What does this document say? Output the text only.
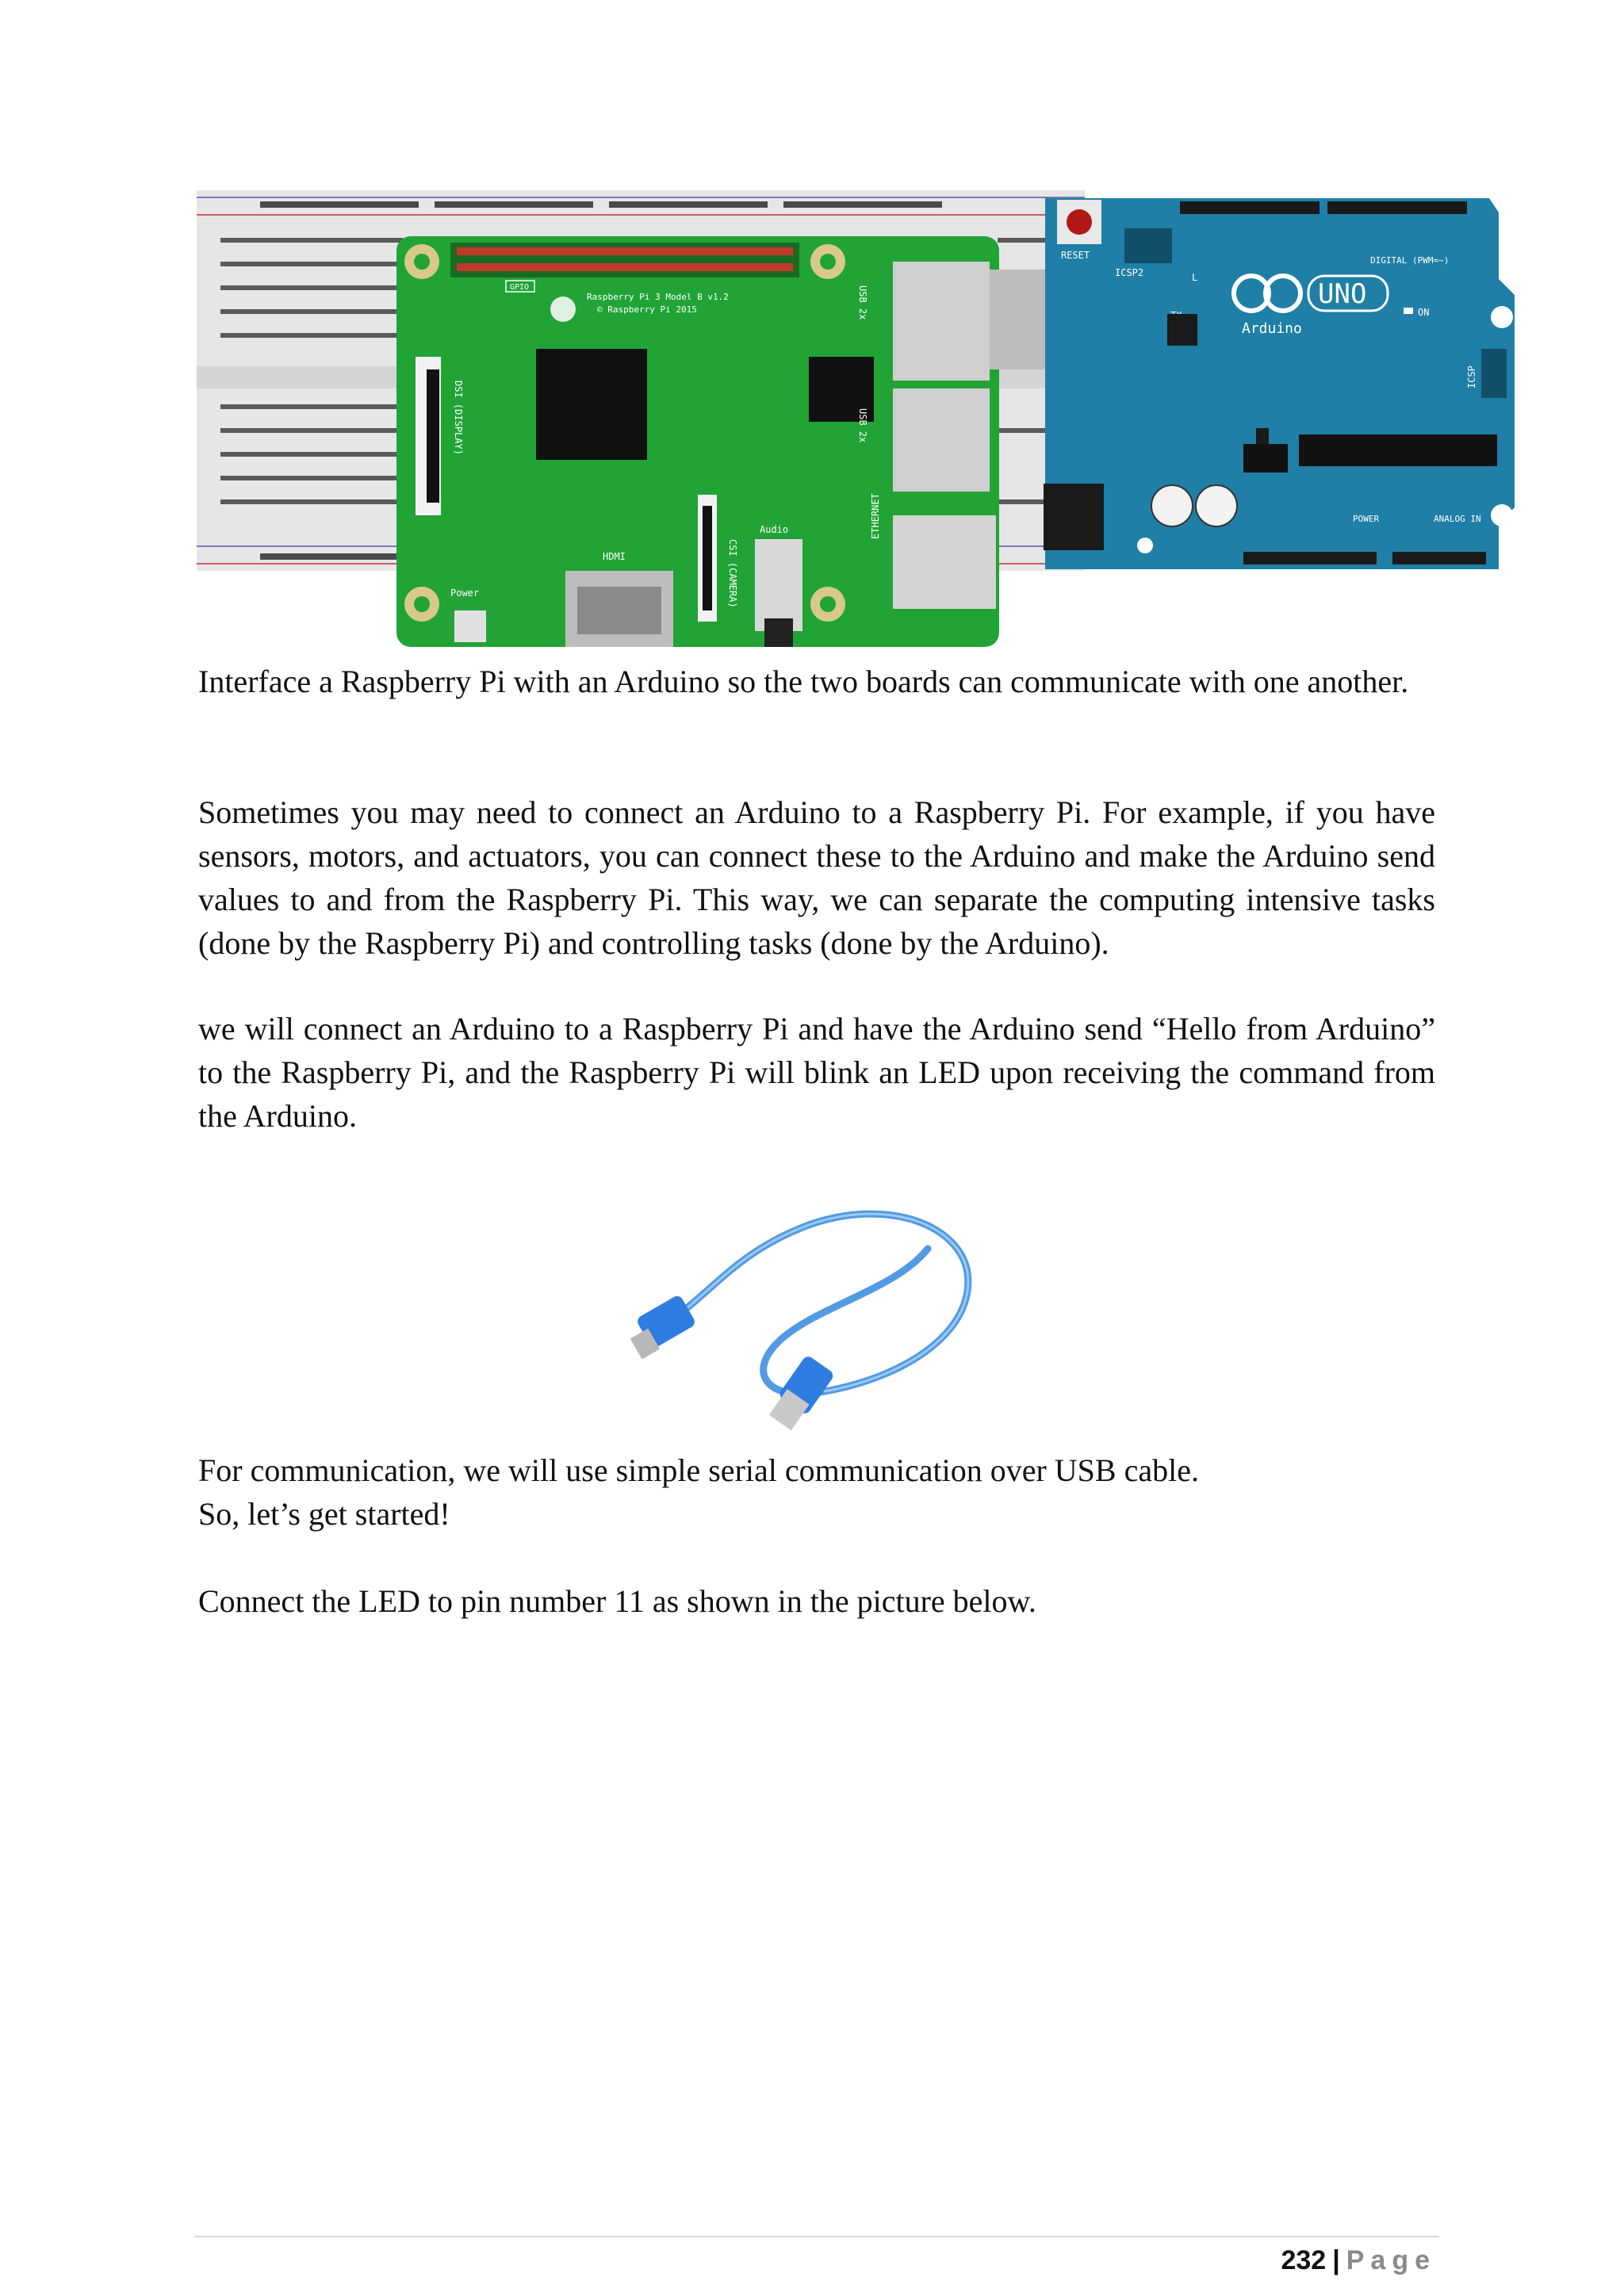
GPIO
Raspberry Pi 3 Model B v1.2
© Raspberry Pi 2015
DSI (DISPLAY)
HDMI	CSI (CAMERA)
Audio
USB 2x
USB 2x
ETHERNET
Power
RESET
ICSP2
DIGITAL (PWM=~)
L
UNO
Arduino
ON
ICSP
POWER	ANALOG IN

Interface a Raspberry Pi with an Arduino so the two boards can communicate with one another.

Sometimes you may need to connect an Arduino to a Raspberry Pi. For example, if you have sensors, motors, and actuators, you can connect these to the Arduino and make the Arduino send values to and from the Raspberry Pi. This way, we can separate the computing intensive tasks (done by the Raspberry Pi) and controlling tasks (done by the Arduino).

we will connect an Arduino to a Raspberry Pi and have the Arduino send “Hello from Arduino” to the Raspberry Pi, and the Raspberry Pi will blink an LED upon receiving the command from the Arduino.

For communication, we will use simple serial communication over USB cable.

So, let’s get started!

Connect the LED to pin number 11 as shown in the picture below.

232 | Page
